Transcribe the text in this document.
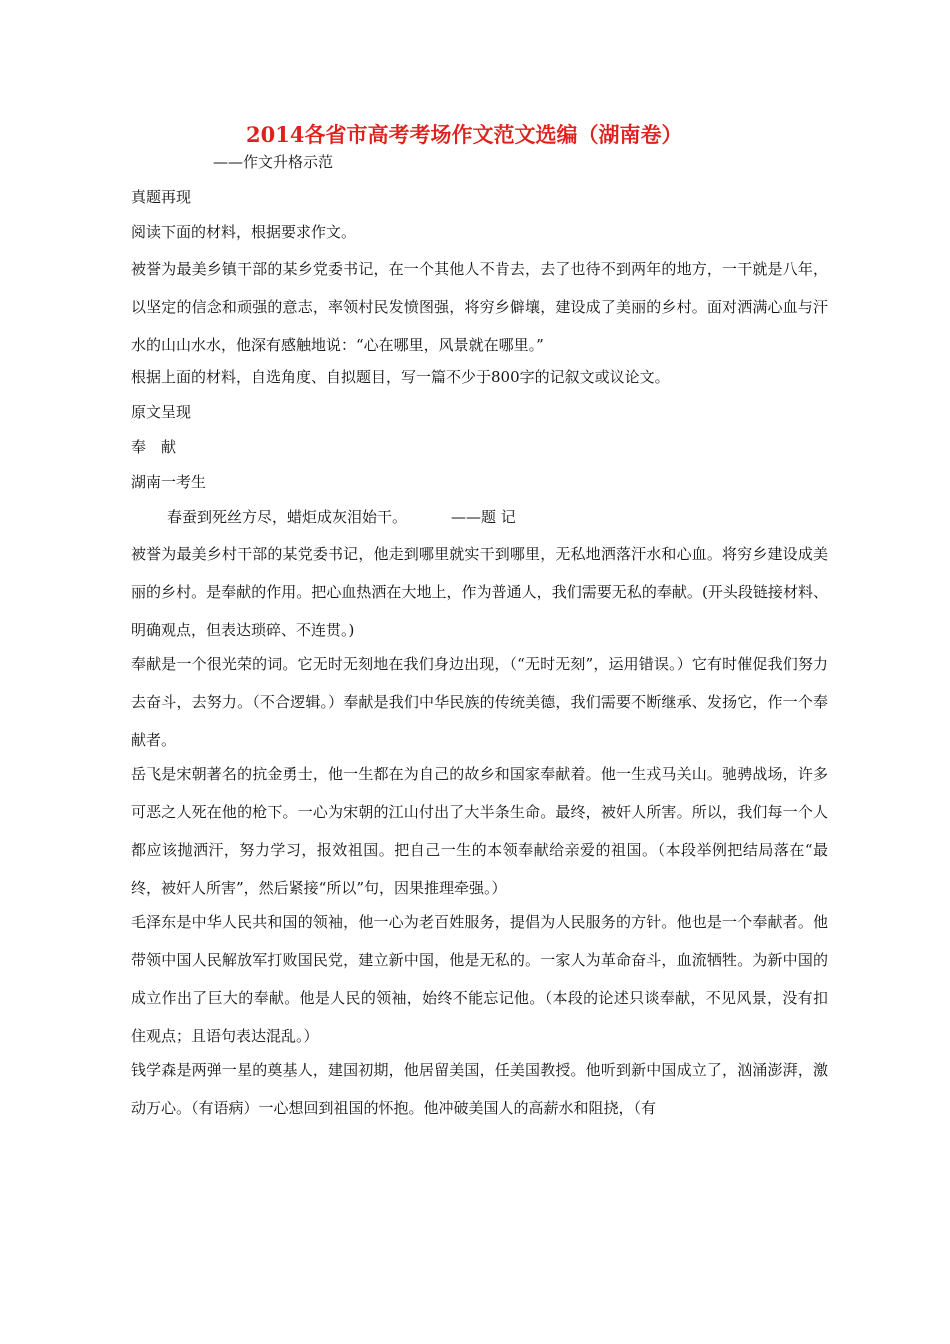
2014各省市高考考场作文范文选编（湖南卷）
——作文升格示范
真题再现
阅读下面的材料，根据要求作文。
被誉为最美乡镇干部的某乡党委书记，在一个其他人不肯去，去了也待不到两年的地方，一干就是八年，以坚定的信念和顽强的意志，率领村民发愤图强，将穷乡僻壤，建设成了美丽的乡村。面对洒满心血与汗水的山山水水，他深有感触地说：“心在哪里，风景就在哪里。”
根据上面的材料，自选角度、自拟题目，写一篇不少于800字的记叙文或议论文。
原文呈现
奉　献
湖南一考生
春蚕到死丝方尽，蜡炬成灰泪始干。	——题 记
被誉为最美乡村干部的某党委书记，他走到哪里就实干到哪里，无私地洒落汗水和心血。将穷乡建设成美丽的乡村。是奉献的作用。把心血热洒在大地上，作为普通人，我们需要无私的奉献。(开头段链接材料、明确观点，但表达琐碎、不连贯。)
奉献是一个很光荣的词。它无时无刻地在我们身边出现，（“无时无刻”，运用错误。）它有时催促我们努力去奋斗，去努力。（不合逻辑。）奉献是我们中华民族的传统美德，我们需要不断继承、发扬它，作一个奉献者。
岳飞是宋朝著名的抗金勇士，他一生都在为自己的故乡和国家奉献着。他一生戎马关山。驰骋战场，许多可恶之人死在他的枪下。一心为宋朝的江山付出了大半条生命。最终，被奸人所害。所以，我们每一个人都应该抛洒汗，努力学习，报效祖国。把自己一生的本领奉献给亲爱的祖国。（本段举例把结局落在“最终，被奸人所害”，然后紧接“所以”句，因果推理牵强。）
毛泽东是中华人民共和国的领袖，他一心为老百姓服务，提倡为人民服务的方针。他也是一个奉献者。他带领中国人民解放军打败国民党，建立新中国，他是无私的。一家人为革命奋斗，血流牺牲。为新中国的成立作出了巨大的奉献。他是人民的领袖，始终不能忘记他。（本段的论述只谈奉献，不见风景，没有扣住观点；且语句表达混乱。）
钱学森是两弹一星的奠基人，建国初期，他居留美国，任美国教授。他听到新中国成立了，汹涌澎湃，激动万心。（有语病）一心想回到祖国的怀抱。他冲破美国人的高薪水和阻挠，（有
